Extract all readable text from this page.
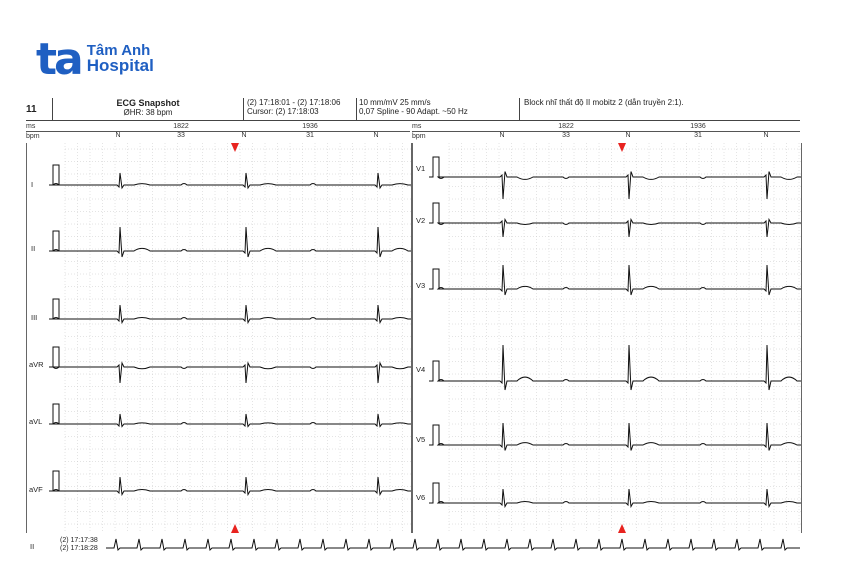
ta Tâm Anh
Hospital
11
ECG Snapshot
ØHR: 38 bpm
(2) 17:18:01 - (2) 17:18:06
Cursor: (2) 17:18:03
10 mm/mV 25 mm/s
0,07 Spline - 90 Adapt. ~50 Hz
Block nhĩ thất độ II mobitz 2 (dẫn truyền 2:1).
ms
bpm
1822	1936
N	N	N
33	31
ms
bpm
1822	1936
N	N	N
33	31
I
II
III
aVR
aVL
aVF
V1
V2
V3
V4
V5
V6
II
(2) 17:17:38
(2) 17:18:28
